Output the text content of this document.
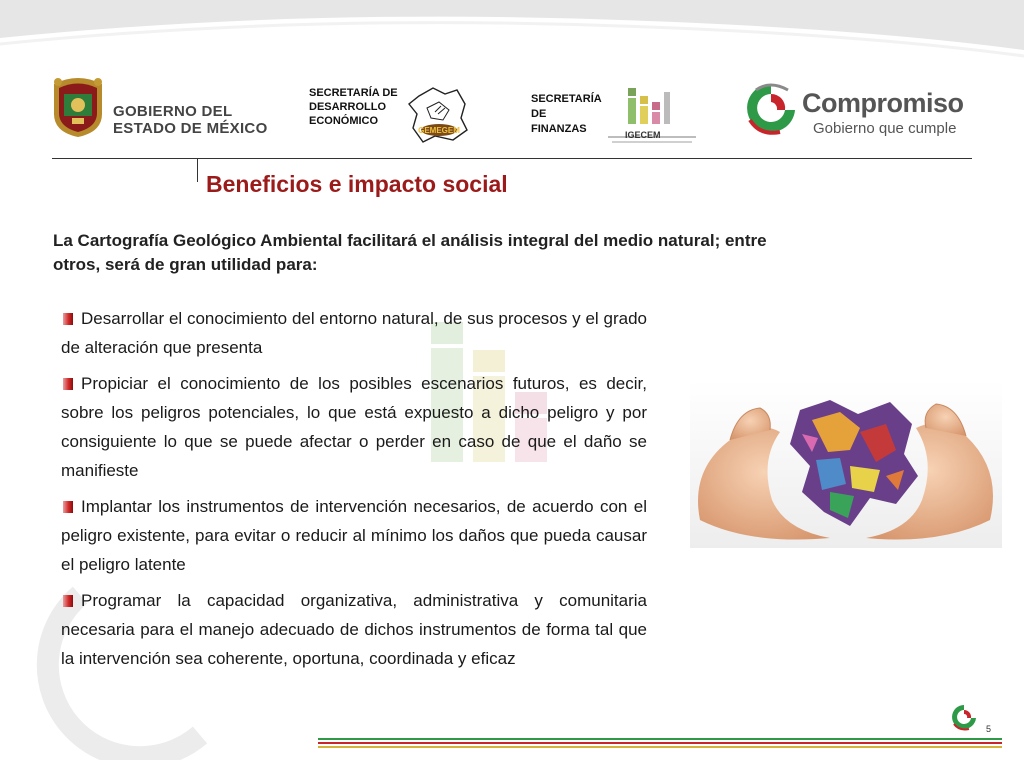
GOBIERNO DEL
ESTADO DE MÉXICO
SECRETARÍA DE
DESARROLLO
ECONÓMICO
GEMEGEM
SECRETARÍA
DE
FINANZAS	IGECEM
Compromiso
Gobierno que cumple
Beneficios e impacto social
La Cartografía Geológico Ambiental facilitará el análisis integral del medio natural; entre otros, será de gran utilidad para:

Desarrollar el conocimiento del entorno natural, de sus procesos y el grado de alteración que presenta

Propiciar el conocimiento de los posibles escenarios futuros, es decir, sobre los peligros potenciales, lo que está expuesto a dicho peligro y por consiguiente lo que se puede afectar o perder en caso de que el daño se manifieste

Implantar los instrumentos de intervención necesarios, de acuerdo con el peligro existente, para evitar o reducir al mínimo los daños que pueda causar el peligro latente

Programar la capacidad organizativa, administrativa y comunitaria necesaria para el manejo adecuado de dichos instrumentos de forma tal que la intervención sea coherente, oportuna, coordinada y eficaz

5
